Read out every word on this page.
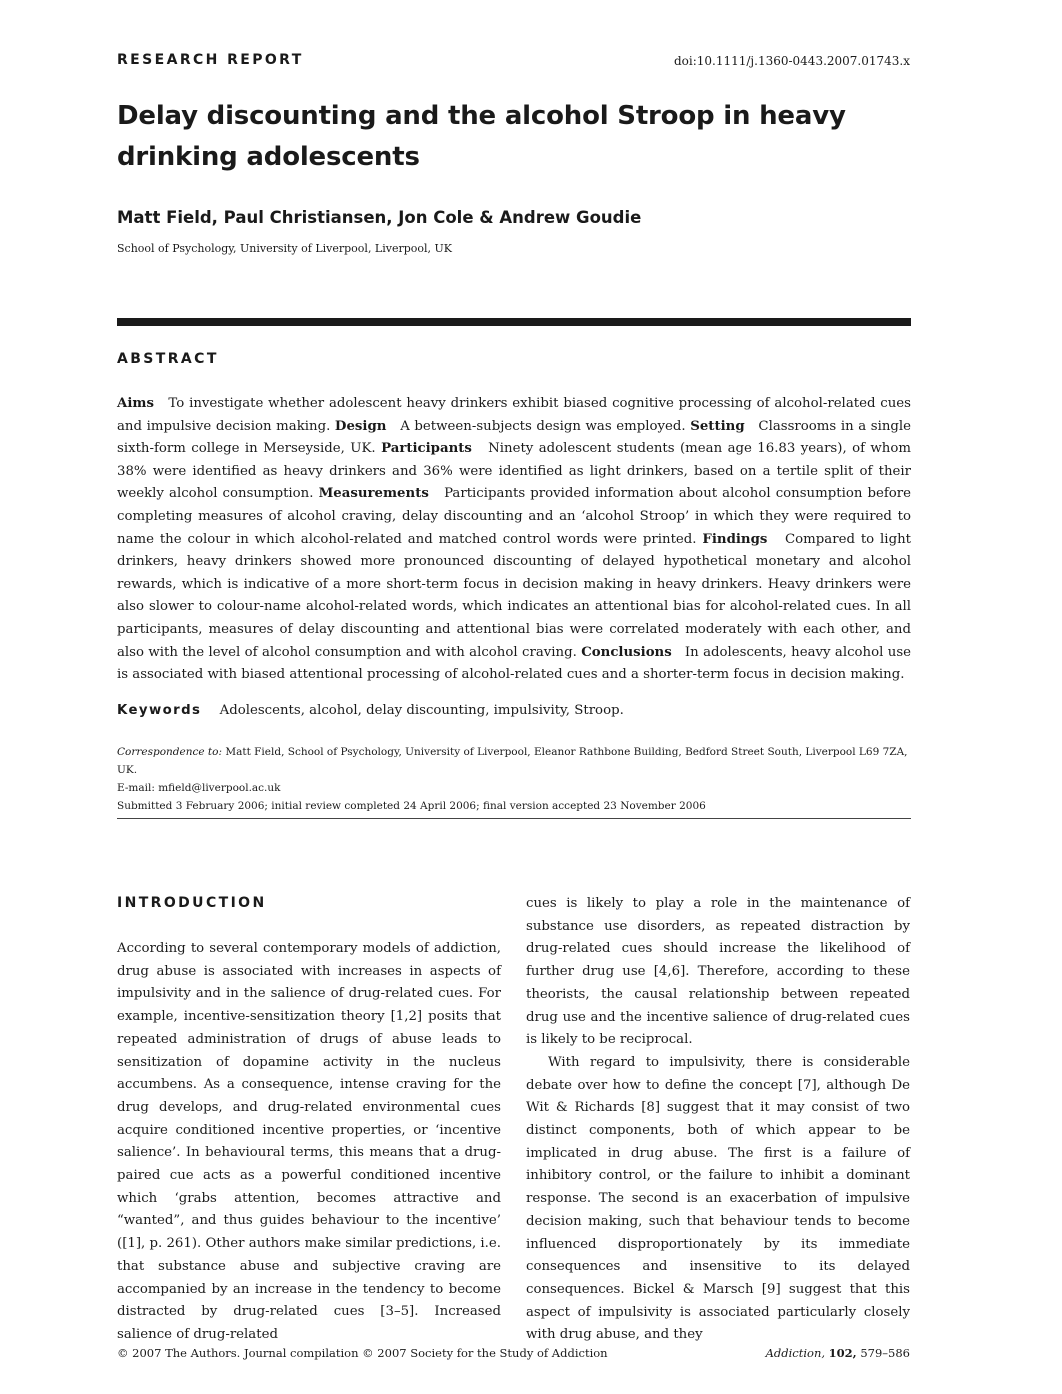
RESEARCH REPORT	doi:10.1111/j.1360-0443.2007.01743.x
Delay discounting and the alcohol Stroop in heavy drinking adolescents
Matt Field, Paul Christiansen, Jon Cole & Andrew Goudie
School of Psychology, University of Liverpool, Liverpool, UK
ABSTRACT
Aims To investigate whether adolescent heavy drinkers exhibit biased cognitive processing of alcohol-related cues and impulsive decision making. Design A between-subjects design was employed. Setting Classrooms in a single sixth-form college in Merseyside, UK. Participants Ninety adolescent students (mean age 16.83 years), of whom 38% were identified as heavy drinkers and 36% were identified as light drinkers, based on a tertile split of their weekly alcohol consumption. Measurements Participants provided information about alcohol consumption before completing measures of alcohol craving, delay discounting and an ‘alcohol Stroop’ in which they were required to name the colour in which alcohol-related and matched control words were printed. Findings Compared to light drinkers, heavy drinkers showed more pronounced discounting of delayed hypothetical monetary and alcohol rewards, which is indicative of a more short-term focus in decision making in heavy drinkers. Heavy drinkers were also slower to colour-name alcohol-related words, which indicates an attentional bias for alcohol-related cues. In all participants, measures of delay discounting and attentional bias were correlated moderately with each other, and also with the level of alcohol consumption and with alcohol craving. Conclusions In adolescents, heavy alcohol use is associated with biased attentional processing of alcohol-related cues and a shorter-term focus in decision making.
Keywords Adolescents, alcohol, delay discounting, impulsivity, Stroop.
Correspondence to: Matt Field, School of Psychology, University of Liverpool, Eleanor Rathbone Building, Bedford Street South, Liverpool L69 7ZA, UK.
E-mail: mfield@liverpool.ac.uk
Submitted 3 February 2006; initial review completed 24 April 2006; final version accepted 23 November 2006
INTRODUCTION

According to several contemporary models of addiction, drug abuse is associated with increases in aspects of impulsivity and in the salience of drug-related cues. For example, incentive-sensitization theory [1,2] posits that repeated administration of drugs of abuse leads to sensitization of dopamine activity in the nucleus accumbens. As a consequence, intense craving for the drug develops, and drug-related environmental cues acquire conditioned incentive properties, or ‘incentive salience’. In behavioural terms, this means that a drug-paired cue acts as a powerful conditioned incentive which ‘grabs attention, becomes attractive and “wanted”, and thus guides behaviour to the incentive’ ([1], p. 261). Other authors make similar predictions, i.e. that substance abuse and subjective craving are accompanied by an increase in the tendency to become distracted by drug-related cues [3–5]. Increased salience of drug-related

cues is likely to play a role in the maintenance of substance use disorders, as repeated distraction by drug-related cues should increase the likelihood of further drug use [4,6]. Therefore, according to these theorists, the causal relationship between repeated drug use and the incentive salience of drug-related cues is likely to be reciprocal.

With regard to impulsivity, there is considerable debate over how to define the concept [7], although De Wit & Richards [8] suggest that it may consist of two distinct components, both of which appear to be implicated in drug abuse. The first is a failure of inhibitory control, or the failure to inhibit a dominant response. The second is an exacerbation of impulsive decision making, such that behaviour tends to become influenced disproportionately by its immediate consequences and insensitive to its delayed consequences. Bickel & Marsch [9] suggest that this aspect of impulsivity is associated particularly closely with drug abuse, and they

© 2007 The Authors. Journal compilation © 2007 Society for the Study of Addiction	Addiction, 102, 579–586
